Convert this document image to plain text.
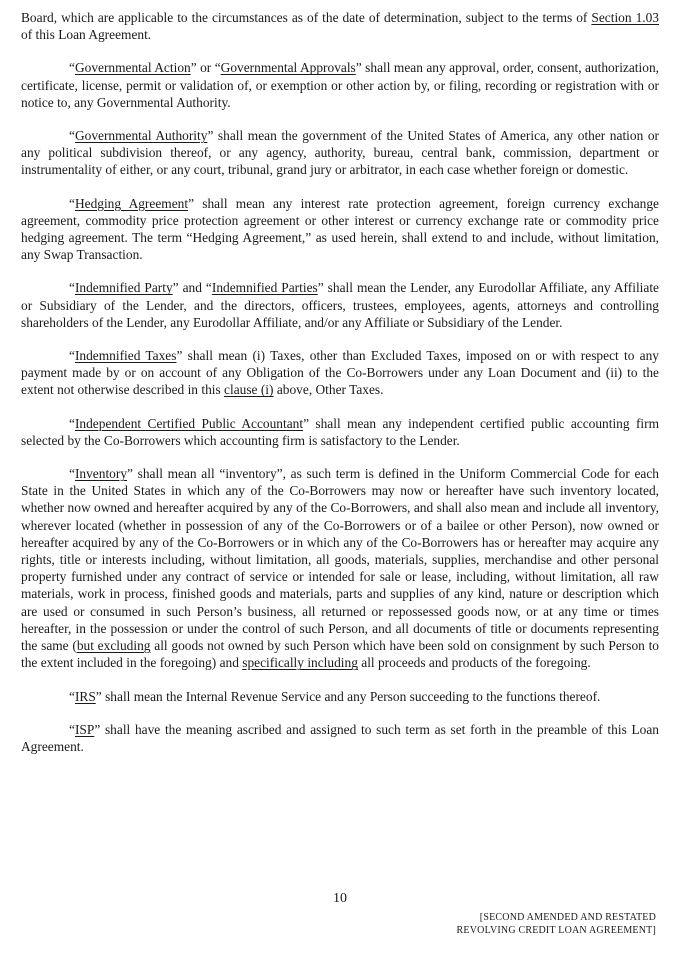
Board, which are applicable to the circumstances as of the date of determination, subject to the terms of Section 1.03 of this Loan Agreement.

“Governmental Action” or “Governmental Approvals” shall mean any approval, order, consent, authorization, certificate, license, permit or validation of, or exemption or other action by, or filing, recording or registration with or notice to, any Governmental Authority.

“Governmental Authority” shall mean the government of the United States of America, any other nation or any political subdivision thereof, or any agency, authority, bureau, central bank, commission, department or instrumentality of either, or any court, tribunal, grand jury or arbitrator, in each case whether foreign or domestic.

“Hedging Agreement” shall mean any interest rate protection agreement, foreign currency exchange agreement, commodity price protection agreement or other interest or currency exchange rate or commodity price hedging agreement. The term “Hedging Agreement,” as used herein, shall extend to and include, without limitation, any Swap Transaction.

“Indemnified Party” and “Indemnified Parties” shall mean the Lender, any Eurodollar Affiliate, any Affiliate or Subsidiary of the Lender, and the directors, officers, trustees, employees, agents, attorneys and controlling shareholders of the Lender, any Eurodollar Affiliate, and/or any Affiliate or Subsidiary of the Lender.

“Indemnified Taxes” shall mean (i) Taxes, other than Excluded Taxes, imposed on or with respect to any payment made by or on account of any Obligation of the Co-Borrowers under any Loan Document and (ii) to the extent not otherwise described in this clause (i) above, Other Taxes.

“Independent Certified Public Accountant” shall mean any independent certified public accounting firm selected by the Co-Borrowers which accounting firm is satisfactory to the Lender.

“Inventory” shall mean all “inventory”, as such term is defined in the Uniform Commercial Code for each State in the United States in which any of the Co-Borrowers may now or hereafter have such inventory located, whether now owned and hereafter acquired by any of the Co-Borrowers, and shall also mean and include all inventory, wherever located (whether in possession of any of the Co-Borrowers or of a bailee or other Person), now owned or hereafter acquired by any of the Co-Borrowers or in which any of the Co-Borrowers has or hereafter may acquire any rights, title or interests including, without limitation, all goods, materials, supplies, merchandise and other personal property furnished under any contract of service or intended for sale or lease, including, without limitation, all raw materials, work in process, finished goods and materials, parts and supplies of any kind, nature or description which are used or consumed in such Person’s business, all returned or repossessed goods now, or at any time or times hereafter, in the possession or under the control of such Person, and all documents of title or documents representing the same (but excluding all goods not owned by such Person which have been sold on consignment by such Person to the extent included in the foregoing) and specifically including all proceeds and products of the foregoing.

“IRS” shall mean the Internal Revenue Service and any Person succeeding to the functions thereof.

“ISP” shall have the meaning ascribed and assigned to such term as set forth in the preamble of this Loan Agreement.

10
[SECOND AMENDED AND RESTATED
REVOLVING CREDIT LOAN AGREEMENT]
